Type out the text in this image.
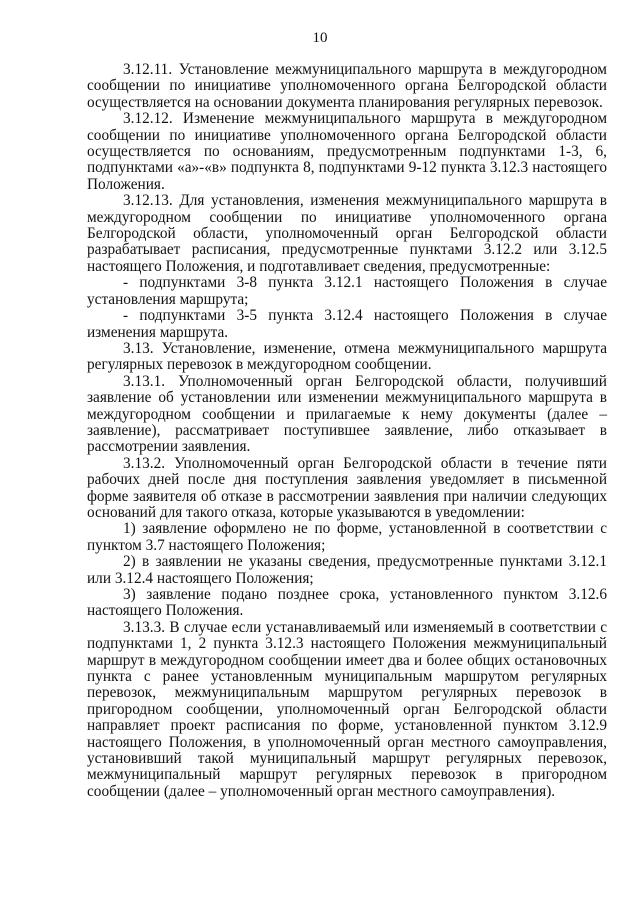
10

3.12.11. Установление межмуниципального маршрута в междугородном сообщении по инициативе уполномоченного органа Белгородской области осуществляется на основании документа планирования регулярных перевозок.

3.12.12. Изменение межмуниципального маршрута в междугородном сообщении по инициативе уполномоченного органа Белгородской области осуществляется по основаниям, предусмотренным подпунктами 1-3, 6, подпунктами «а»-«в» подпункта 8, подпунктами 9-12 пункта 3.12.3 настоящего Положения.

3.12.13. Для установления, изменения межмуниципального маршрута в междугородном сообщении по инициативе уполномоченного органа Белгородской области, уполномоченный орган Белгородской области разрабатывает расписания, предусмотренные пунктами 3.12.2 или 3.12.5 настоящего Положения, и подготавливает сведения, предусмотренные:

- подпунктами 3-8 пункта 3.12.1 настоящего Положения в случае установления маршрута;

- подпунктами 3-5 пункта 3.12.4 настоящего Положения в случае изменения маршрута.

3.13. Установление, изменение, отмена межмуниципального маршрута регулярных перевозок в междугородном сообщении.

3.13.1. Уполномоченный орган Белгородской области, получивший заявление об установлении или изменении межмуниципального маршрута в междугородном сообщении и прилагаемые к нему документы (далее – заявление), рассматривает поступившее заявление, либо отказывает в рассмотрении заявления.

3.13.2. Уполномоченный орган Белгородской области в течение пяти рабочих дней после дня поступления заявления уведомляет в письменной форме заявителя об отказе в рассмотрении заявления при наличии следующих оснований для такого отказа, которые указываются в уведомлении:

1) заявление оформлено не по форме, установленной в соответствии с пунктом 3.7 настоящего Положения;

2) в заявлении не указаны сведения, предусмотренные пунктами 3.12.1 или 3.12.4 настоящего Положения;

3) заявление подано позднее срока, установленного пунктом 3.12.6 настоящего Положения.

3.13.3. В случае если устанавливаемый или изменяемый в соответствии с подпунктами 1, 2 пункта 3.12.3 настоящего Положения межмуниципальный маршрут в междугородном сообщении имеет два и более общих остановочных пункта с ранее установленным муниципальным маршрутом регулярных перевозок, межмуниципальным маршрутом регулярных перевозок в пригородном сообщении, уполномоченный орган Белгородской области направляет проект расписания по форме, установленной пунктом 3.12.9 настоящего Положения, в уполномоченный орган местного самоуправления, установивший такой муниципальный маршрут регулярных перевозок, межмуниципальный маршрут регулярных перевозок в пригородном сообщении (далее – уполномоченный орган местного самоуправления).
